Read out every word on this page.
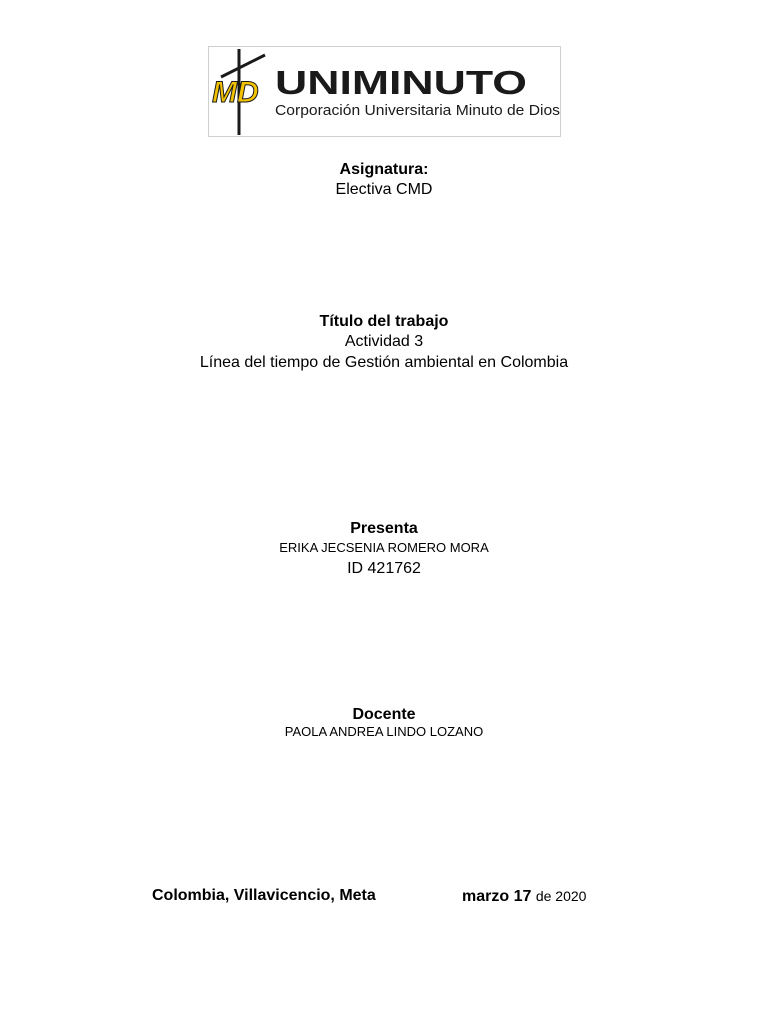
MD UNIMINUTO
Corporación Universitaria Minuto de Dios
Asignatura:
Electiva CMD
Título del trabajo
Actividad 3
Línea del tiempo de Gestión ambiental en Colombia
Presenta
ERIKA JECSENIA ROMERO MORA
ID 421762
Docente
PAOLA ANDREA LINDO LOZANO
Colombia, Villavicencio, Meta	marzo 17 de 2020
